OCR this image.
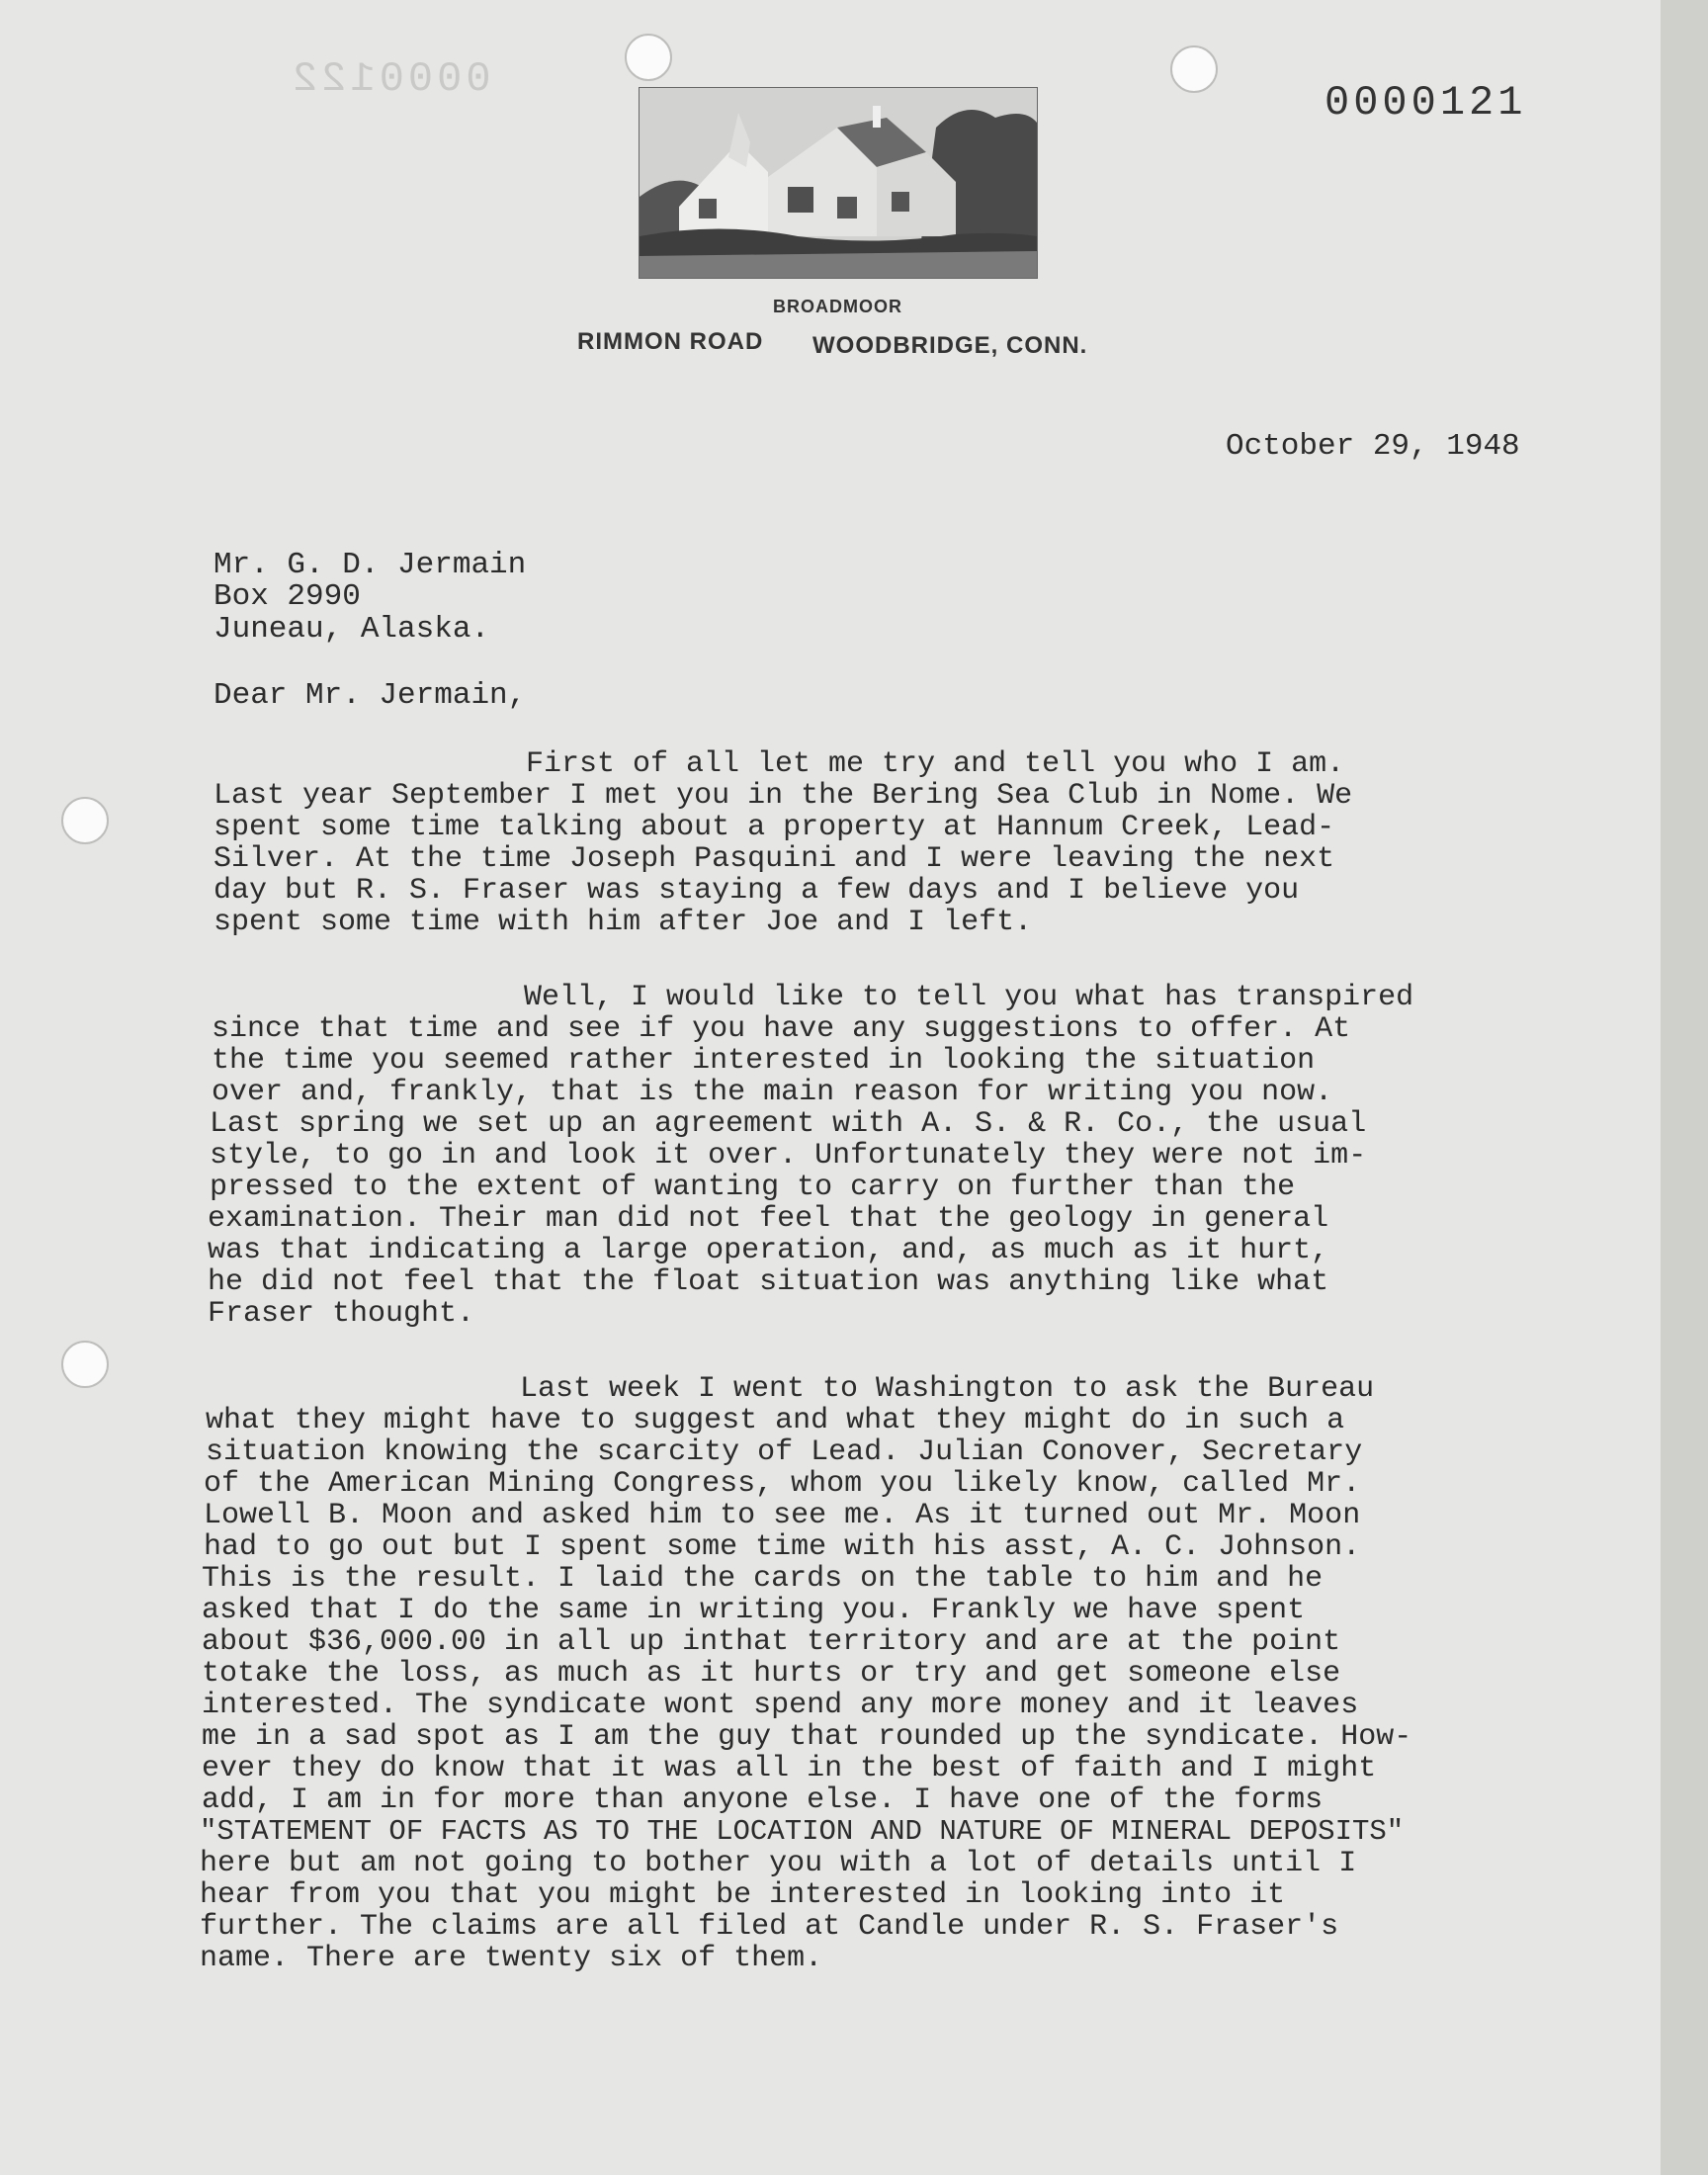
0000122	0000121
BROADMOOR
RIMMON ROAD WOODBRIDGE, CONN.
October 29, 1948
Mr. G. D. Jermain
Box 2990
Juneau, Alaska.
Dear Mr. Jermain,
First of all let me try and tell you who I am.
Last year September I met you in the Bering Sea Club in Nome. We
spent some time talking about a property at Hannum Creek, Lead-
Silver. At the time Joseph Pasquini and I were leaving the next
day but R. S. Fraser was staying a few days and I believe you
spent some time with him after Joe and I left.
Well, I would like to tell you what has transpired
since that time and see if you have any suggestions to offer. At
the time you seemed rather interested in looking the situation
over and, frankly, that is the main reason for writing you now.
Last spring we set up an agreement with A. S. & R. Co., the usual
style, to go in and look it over. Unfortunately they were not im-
pressed to the extent of wanting to carry on further than the
examination. Their man did not feel that the geology in general
was that indicating a large operation, and, as much as it hurt,
he did not feel that the float situation was anything like what
Fraser thought.
Last week I went to Washington to ask the Bureau
what they might have to suggest and what they might do in such a
situation knowing the scarcity of Lead. Julian Conover, Secretary
of the American Mining Congress, whom you likely know, called Mr.
Lowell B. Moon and asked him to see me. As it turned out Mr. Moon
had to go out but I spent some time with his asst, A. C. Johnson.
This is the result. I laid the cards on the table to him and he
asked that I do the same in writing you. Frankly we have spent
about $36,000.00 in all up inthat territory and are at the point
totake the loss, as much as it hurts or try and get someone else
interested. The syndicate wont spend any more money and it leaves
me in a sad spot as I am the guy that rounded up the syndicate. How-
ever they do know that it was all in the best of faith and I might
add, I am in for more than anyone else. I have one of the forms
"STATEMENT OF FACTS AS TO THE LOCATION AND NATURE OF MINERAL DEPOSITS"
here but am not going to bother you with a lot of details until I
hear from you that you might be interested in looking into it
further. The claims are all filed at Candle under R. S. Fraser's
name. There are twenty six of them.
